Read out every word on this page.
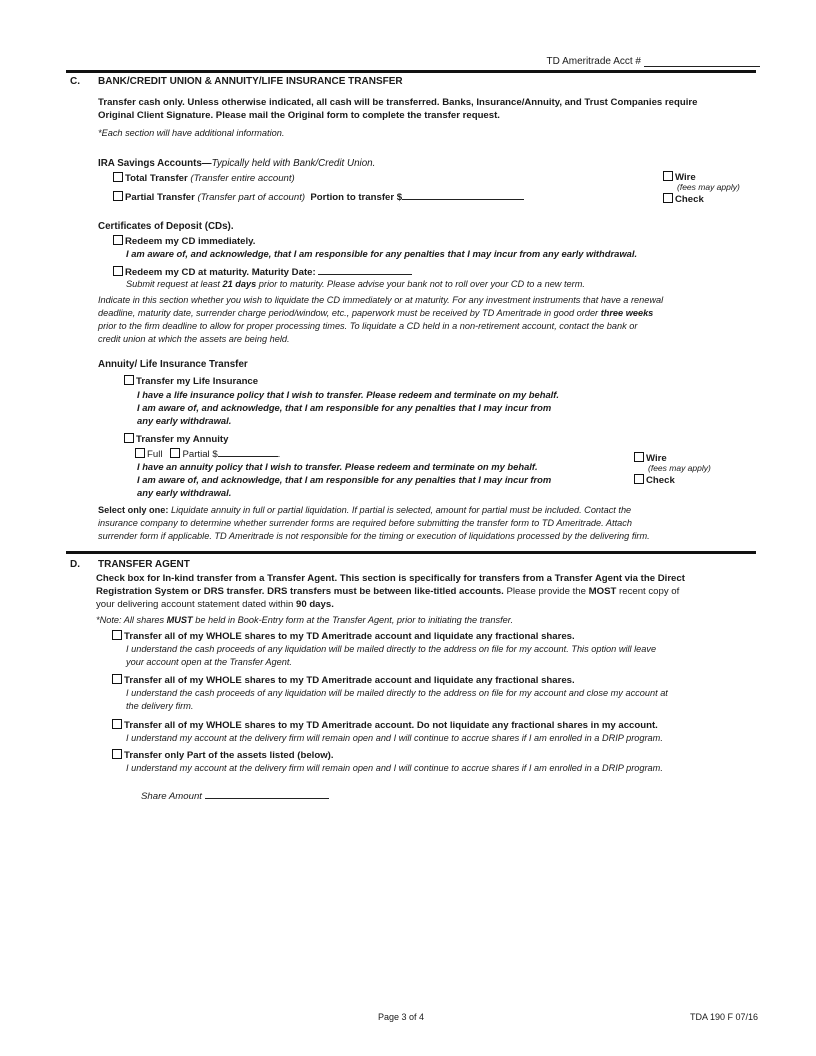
TD Ameritrade Acct #
C. BANK/CREDIT UNION & ANNUITY/LIFE INSURANCE TRANSFER
Transfer cash only. Unless otherwise indicated, all cash will be transferred. Banks, Insurance/Annuity, and Trust Companies require
Original Client Signature. Please mail the Original form to complete the transfer request.
*Each section will have additional information.
IRA Savings Accounts—Typically held with Bank/Credit Union.
Total Transfer (Transfer entire account)
Partial Transfer (Transfer part of account) Portion to transfer $
Wire
(fees may apply)
Check
Certificates of Deposit (CDs).
Redeem my CD immediately.
I am aware of, and acknowledge, that I am responsible for any penalties that I may incur from any early withdrawal.
Redeem my CD at maturity. Maturity Date:
Submit request at least 21 days prior to maturity. Please advise your bank not to roll over your CD to a new term.
Indicate in this section whether you wish to liquidate the CD immediately or at maturity. For any investment instruments that have a renewal
deadline, maturity date, surrender charge period/window, etc., paperwork must be received by TD Ameritrade in good order three weeks
prior to the firm deadline to allow for proper processing times. To liquidate a CD held in a non-retirement account, contact the bank or
credit union at which the assets are being held.
Annuity/ Life Insurance Transfer
Transfer my Life Insurance
I have a life insurance policy that I wish to transfer. Please redeem and terminate on my behalf.
I am aware of, and acknowledge, that I am responsible for any penalties that I may incur from
any early withdrawal.
Transfer my Annuity
Full Partial $	.
I have an annuity policy that I wish to transfer. Please redeem and terminate on my behalf.
I am aware of, and acknowledge, that I am responsible for any penalties that I may incur from
any early withdrawal.
Wire
(fees may apply)
Check
Select only one: Liquidate annuity in full or partial liquidation. If partial is selected, amount for partial must be included. Contact the
insurance company to determine whether surrender forms are required before submitting the transfer form to TD Ameritrade. Attach
surrender form if applicable. TD Ameritrade is not responsible for the timing or execution of liquidations processed by the delivering firm.
D. TRANSFER AGENT
Check box for In-kind transfer from a Transfer Agent. This section is specifically for transfers from a Transfer Agent via the Direct
Registration System or DRS transfer. DRS transfers must be between like-titled accounts. Please provide the MOST recent copy of
your delivering account statement dated within 90 days.
*Note: All shares MUST be held in Book-Entry form at the Transfer Agent, prior to initiating the transfer.
Transfer all of my WHOLE shares to my TD Ameritrade account and liquidate any fractional shares.
I understand the cash proceeds of any liquidation will be mailed directly to the address on file for my account. This option will leave
your account open at the Transfer Agent.
Transfer all of my WHOLE shares to my TD Ameritrade account and liquidate any fractional shares.
I understand the cash proceeds of any liquidation will be mailed directly to the address on file for my account and close my account at
the delivery firm.
Transfer all of my WHOLE shares to my TD Ameritrade account. Do not liquidate any fractional shares in my account.
I understand my account at the delivery firm will remain open and I will continue to accrue shares if I am enrolled in a DRIP program.
Transfer only Part of the assets listed (below).
I understand my account at the delivery firm will remain open and I will continue to accrue shares if I am enrolled in a DRIP program.
Share Amount
Page 3 of 4	TDA 190 F 07/16
